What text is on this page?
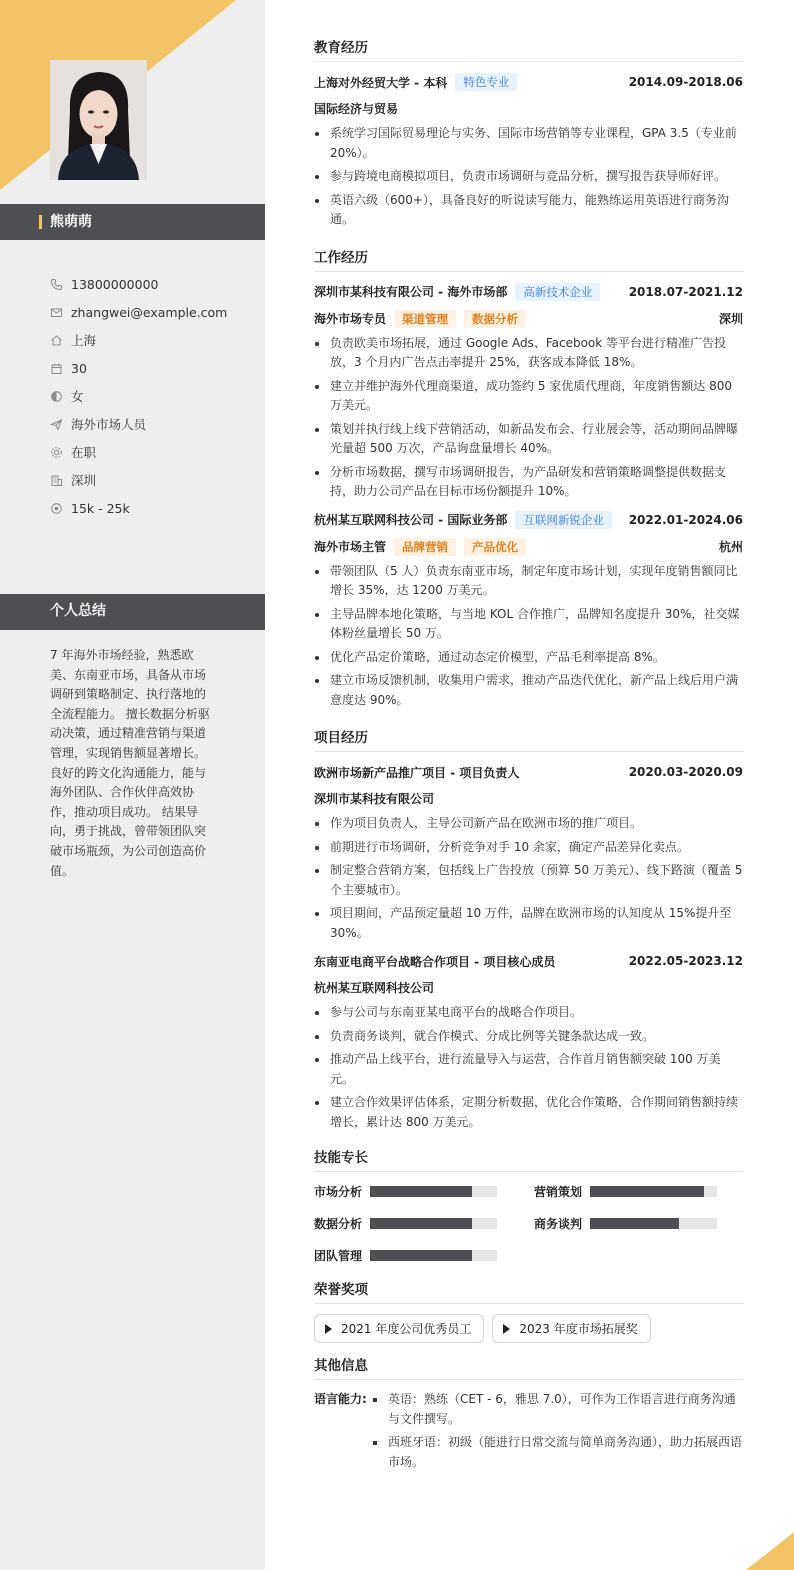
熊萌萌
13800000000
zhangwei@example.com
上海
30
女
海外市场人员
在职
深圳
15k - 25k
个人总结
7 年海外市场经验，熟悉欧美、东南亚市场，具备从市场调研到策略制定、执行落地的全流程能力。 擅长数据分析驱动决策，通过精准营销与渠道管理，实现销售额显著增长。良好的跨文化沟通能力，能与海外团队、合作伙伴高效协作，推动项目成功。 结果导向，勇于挑战，曾带领团队突破市场瓶颈，为公司创造高价值。
教育经历
上海对外经贸大学 - 本科	特色专业	2014.09-2018.06
国际经济与贸易
系统学习国际贸易理论与实务、国际市场营销等专业课程，GPA 3.5（专业前 20%）。
参与跨境电商模拟项目，负责市场调研与竞品分析，撰写报告获导师好评。
英语六级（600+），具备良好的听说读写能力，能熟练运用英语进行商务沟通。
工作经历
深圳市某科技有限公司 - 海外市场部	高新技术企业	2018.07-2021.12
海外市场专员	渠道管理	数据分析	深圳
负责欧美市场拓展，通过 Google Ads、Facebook 等平台进行精准广告投放，3 个月内广告点击率提升 25%，获客成本降低 18%。
建立并维护海外代理商渠道，成功签约 5 家优质代理商，年度销售额达 800 万美元。
策划并执行线上线下营销活动，如新品发布会、行业展会等，活动期间品牌曝光量超 500 万次，产品询盘量增长 40%。
分析市场数据，撰写市场调研报告，为产品研发和营销策略调整提供数据支持，助力公司产品在目标市场份额提升 10%。
杭州某互联网科技公司 - 国际业务部	互联网新锐企业	2022.01-2024.06
海外市场主管	品牌营销	产品优化	杭州
带领团队（5 人）负责东南亚市场，制定年度市场计划，实现年度销售额同比增长 35%，达 1200 万美元。
主导品牌本地化策略，与当地 KOL 合作推广，品牌知名度提升 30%，社交媒体粉丝量增长 50 万。
优化产品定价策略，通过动态定价模型，产品毛利率提高 8%。
建立市场反馈机制，收集用户需求，推动产品迭代优化，新产品上线后用户满意度达 90%。
项目经历
欧洲市场新产品推广项目 - 项目负责人	2020.03-2020.09
深圳市某科技有限公司
作为项目负责人，主导公司新产品在欧洲市场的推广项目。
前期进行市场调研，分析竞争对手 10 余家，确定产品差异化卖点。
制定整合营销方案，包括线上广告投放（预算 50 万美元）、线下路演（覆盖 5 个主要城市）。
项目期间，产品预定量超 10 万件，品牌在欧洲市场的认知度从 15%提升至 30%。
东南亚电商平台战略合作项目 - 项目核心成员	2022.05-2023.12
杭州某互联网科技公司
参与公司与东南亚某电商平台的战略合作项目。
负责商务谈判，就合作模式、分成比例等关键条款达成一致。
推动产品上线平台，进行流量导入与运营，合作首月销售额突破 100 万美元。
建立合作效果评估体系，定期分析数据，优化合作策略，合作期间销售额持续增长，累计达 800 万美元。
技能专长
市场分析	营销策划
数据分析	商务谈判
团队管理
荣誉奖项
2021 年度公司优秀员工	2023 年度市场拓展奖
其他信息
语言能力:	英语：熟练（CET - 6，雅思 7.0），可作为工作语言进行商务沟通与文件撰写。
西班牙语：初级（能进行日常交流与简单商务沟通），助力拓展西语市场。
